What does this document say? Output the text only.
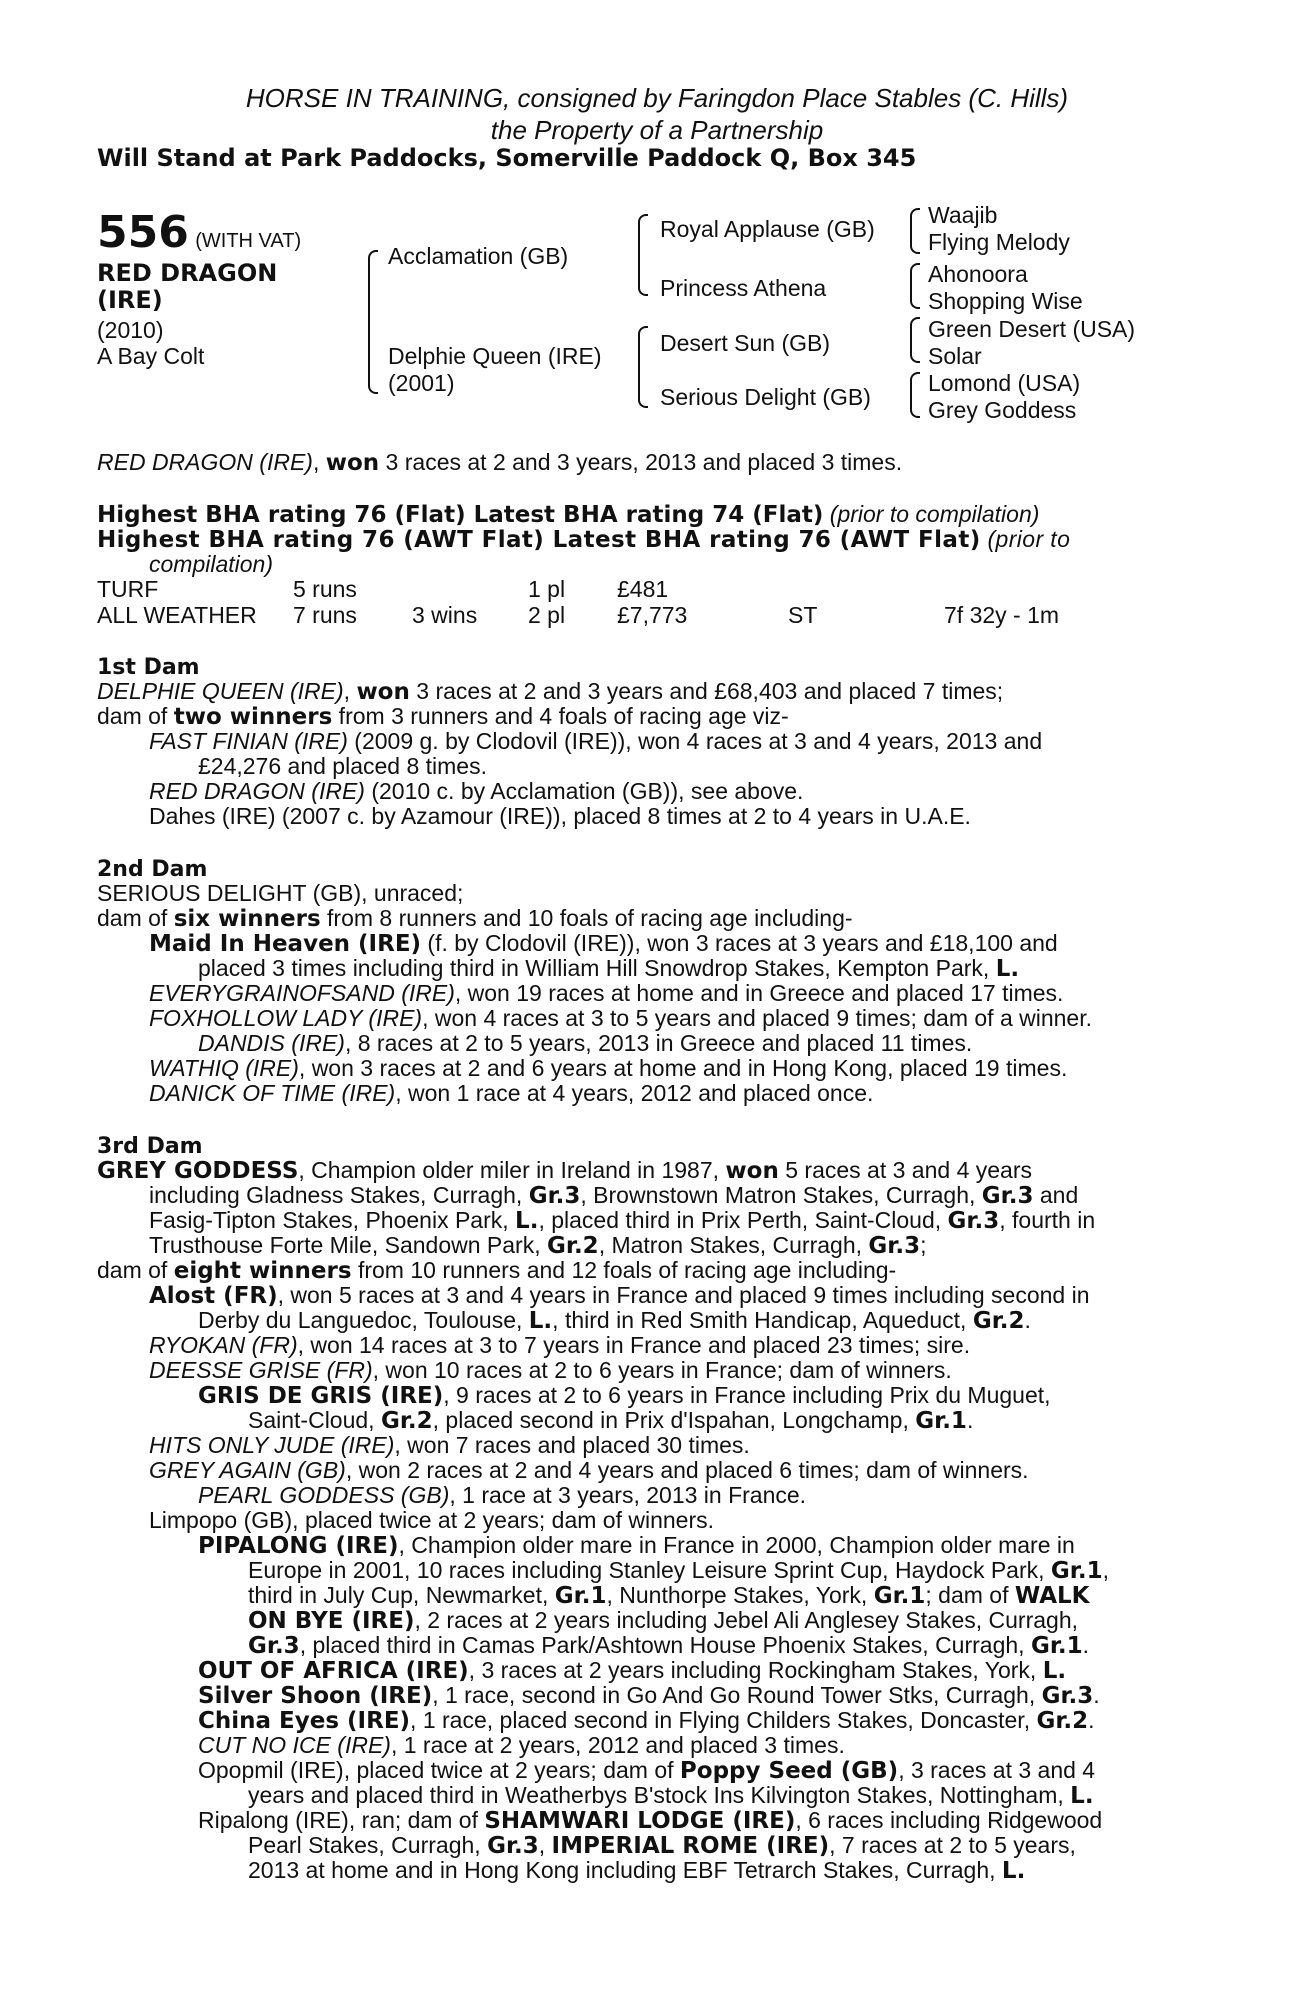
HORSE IN TRAINING, consigned by Faringdon Place Stables (C. Hills)
the Property of a Partnership
Will Stand at Park Paddocks, Somerville Paddock Q, Box 345
556 (WITH VAT)
RED DRAGON
(IRE)
(2010)
A Bay Colt
Acclamation (GB)
Delphie Queen (IRE)
(2001)
Royal Applause (GB)
Princess Athena
Desert Sun (GB)
Serious Delight (GB)
Waajib
Flying Melody
Ahonoora
Shopping Wise
Green Desert (USA)
Solar
Lomond (USA)
Grey Goddess
RED DRAGON (IRE), won 3 races at 2 and 3 years, 2013 and placed 3 times.
Highest BHA rating 76 (Flat) Latest BHA rating 74 (Flat) (prior to compilation)
Highest BHA rating 76 (AWT Flat) Latest BHA rating 76 (AWT Flat) (prior to
compilation)
TURF	5 runs	1 pl £481
ALL WEATHER 7 runs 3 wins 2 pl £7,773	ST	7f 32y - 1m
1st Dam
DELPHIE QUEEN (IRE), won 3 races at 2 and 3 years and £68,403 and placed 7 times;
dam of two winners from 3 runners and 4 foals of racing age viz-
FAST FINIAN (IRE) (2009 g. by Clodovil (IRE)), won 4 races at 3 and 4 years, 2013 and
£24,276 and placed 8 times.
RED DRAGON (IRE) (2010 c. by Acclamation (GB)), see above.
Dahes (IRE) (2007 c. by Azamour (IRE)), placed 8 times at 2 to 4 years in U.A.E.
2nd Dam
SERIOUS DELIGHT (GB), unraced;
dam of six winners from 8 runners and 10 foals of racing age including-
Maid In Heaven (IRE) (f. by Clodovil (IRE)), won 3 races at 3 years and £18,100 and
placed 3 times including third in William Hill Snowdrop Stakes, Kempton Park, L.
EVERYGRAINOFSAND (IRE), won 19 races at home and in Greece and placed 17 times.
FOXHOLLOW LADY (IRE), won 4 races at 3 to 5 years and placed 9 times; dam of a winner.
DANDIS (IRE), 8 races at 2 to 5 years, 2013 in Greece and placed 11 times.
WATHIQ (IRE), won 3 races at 2 and 6 years at home and in Hong Kong, placed 19 times.
DANICK OF TIME (IRE), won 1 race at 4 years, 2012 and placed once.
3rd Dam
GREY GODDESS, Champion older miler in Ireland in 1987, won 5 races at 3 and 4 years
including Gladness Stakes, Curragh, Gr.3, Brownstown Matron Stakes, Curragh, Gr.3 and
Fasig-Tipton Stakes, Phoenix Park, L., placed third in Prix Perth, Saint-Cloud, Gr.3, fourth in
Trusthouse Forte Mile, Sandown Park, Gr.2, Matron Stakes, Curragh, Gr.3;
dam of eight winners from 10 runners and 12 foals of racing age including-
Alost (FR), won 5 races at 3 and 4 years in France and placed 9 times including second in
Derby du Languedoc, Toulouse, L., third in Red Smith Handicap, Aqueduct, Gr.2.
RYOKAN (FR), won 14 races at 3 to 7 years in France and placed 23 times; sire.
DEESSE GRISE (FR), won 10 races at 2 to 6 years in France; dam of winners.
GRIS DE GRIS (IRE), 9 races at 2 to 6 years in France including Prix du Muguet,
Saint-Cloud, Gr.2, placed second in Prix d'Ispahan, Longchamp, Gr.1.
HITS ONLY JUDE (IRE), won 7 races and placed 30 times.
GREY AGAIN (GB), won 2 races at 2 and 4 years and placed 6 times; dam of winners.
PEARL GODDESS (GB), 1 race at 3 years, 2013 in France.
Limpopo (GB), placed twice at 2 years; dam of winners.
PIPALONG (IRE), Champion older mare in France in 2000, Champion older mare in
Europe in 2001, 10 races including Stanley Leisure Sprint Cup, Haydock Park, Gr.1,
third in July Cup, Newmarket, Gr.1, Nunthorpe Stakes, York, Gr.1; dam of WALK
ON BYE (IRE), 2 races at 2 years including Jebel Ali Anglesey Stakes, Curragh,
Gr.3, placed third in Camas Park/Ashtown House Phoenix Stakes, Curragh, Gr.1.
OUT OF AFRICA (IRE), 3 races at 2 years including Rockingham Stakes, York, L.
Silver Shoon (IRE), 1 race, second in Go And Go Round Tower Stks, Curragh, Gr.3.
China Eyes (IRE), 1 race, placed second in Flying Childers Stakes, Doncaster, Gr.2.
CUT NO ICE (IRE), 1 race at 2 years, 2012 and placed 3 times.
Opopmil (IRE), placed twice at 2 years; dam of Poppy Seed (GB), 3 races at 3 and 4
years and placed third in Weatherbys B'stock Ins Kilvington Stakes, Nottingham, L.
Ripalong (IRE), ran; dam of SHAMWARI LODGE (IRE), 6 races including Ridgewood
Pearl Stakes, Curragh, Gr.3, IMPERIAL ROME (IRE), 7 races at 2 to 5 years,
2013 at home and in Hong Kong including EBF Tetrarch Stakes, Curragh, L.
